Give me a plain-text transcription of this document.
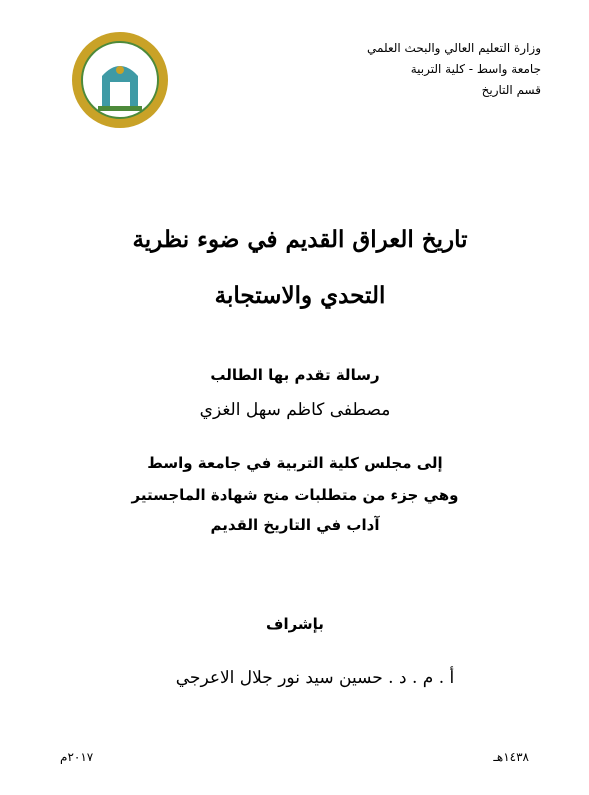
وزارة التعليم العالي والبحث العلمي
جامعة واسط - كلية التربية
قسم التاريخ
تاريخ العراق القديم في ضوء نظرية
التحدي والاستجابة
رسالة تقدم بها الطالب
مصطفى كاظم سهل الغزي
إلى مجلس كلية التربية في جامعة واسط
وهي جزء من متطلبات منح شهادة الماجستير
آداب في التاريخ القديم
بإشراف
أ . م . د . حسين سيد نور جلال الاعرجي
١٤٣٨هـ
٢٠١٧م
